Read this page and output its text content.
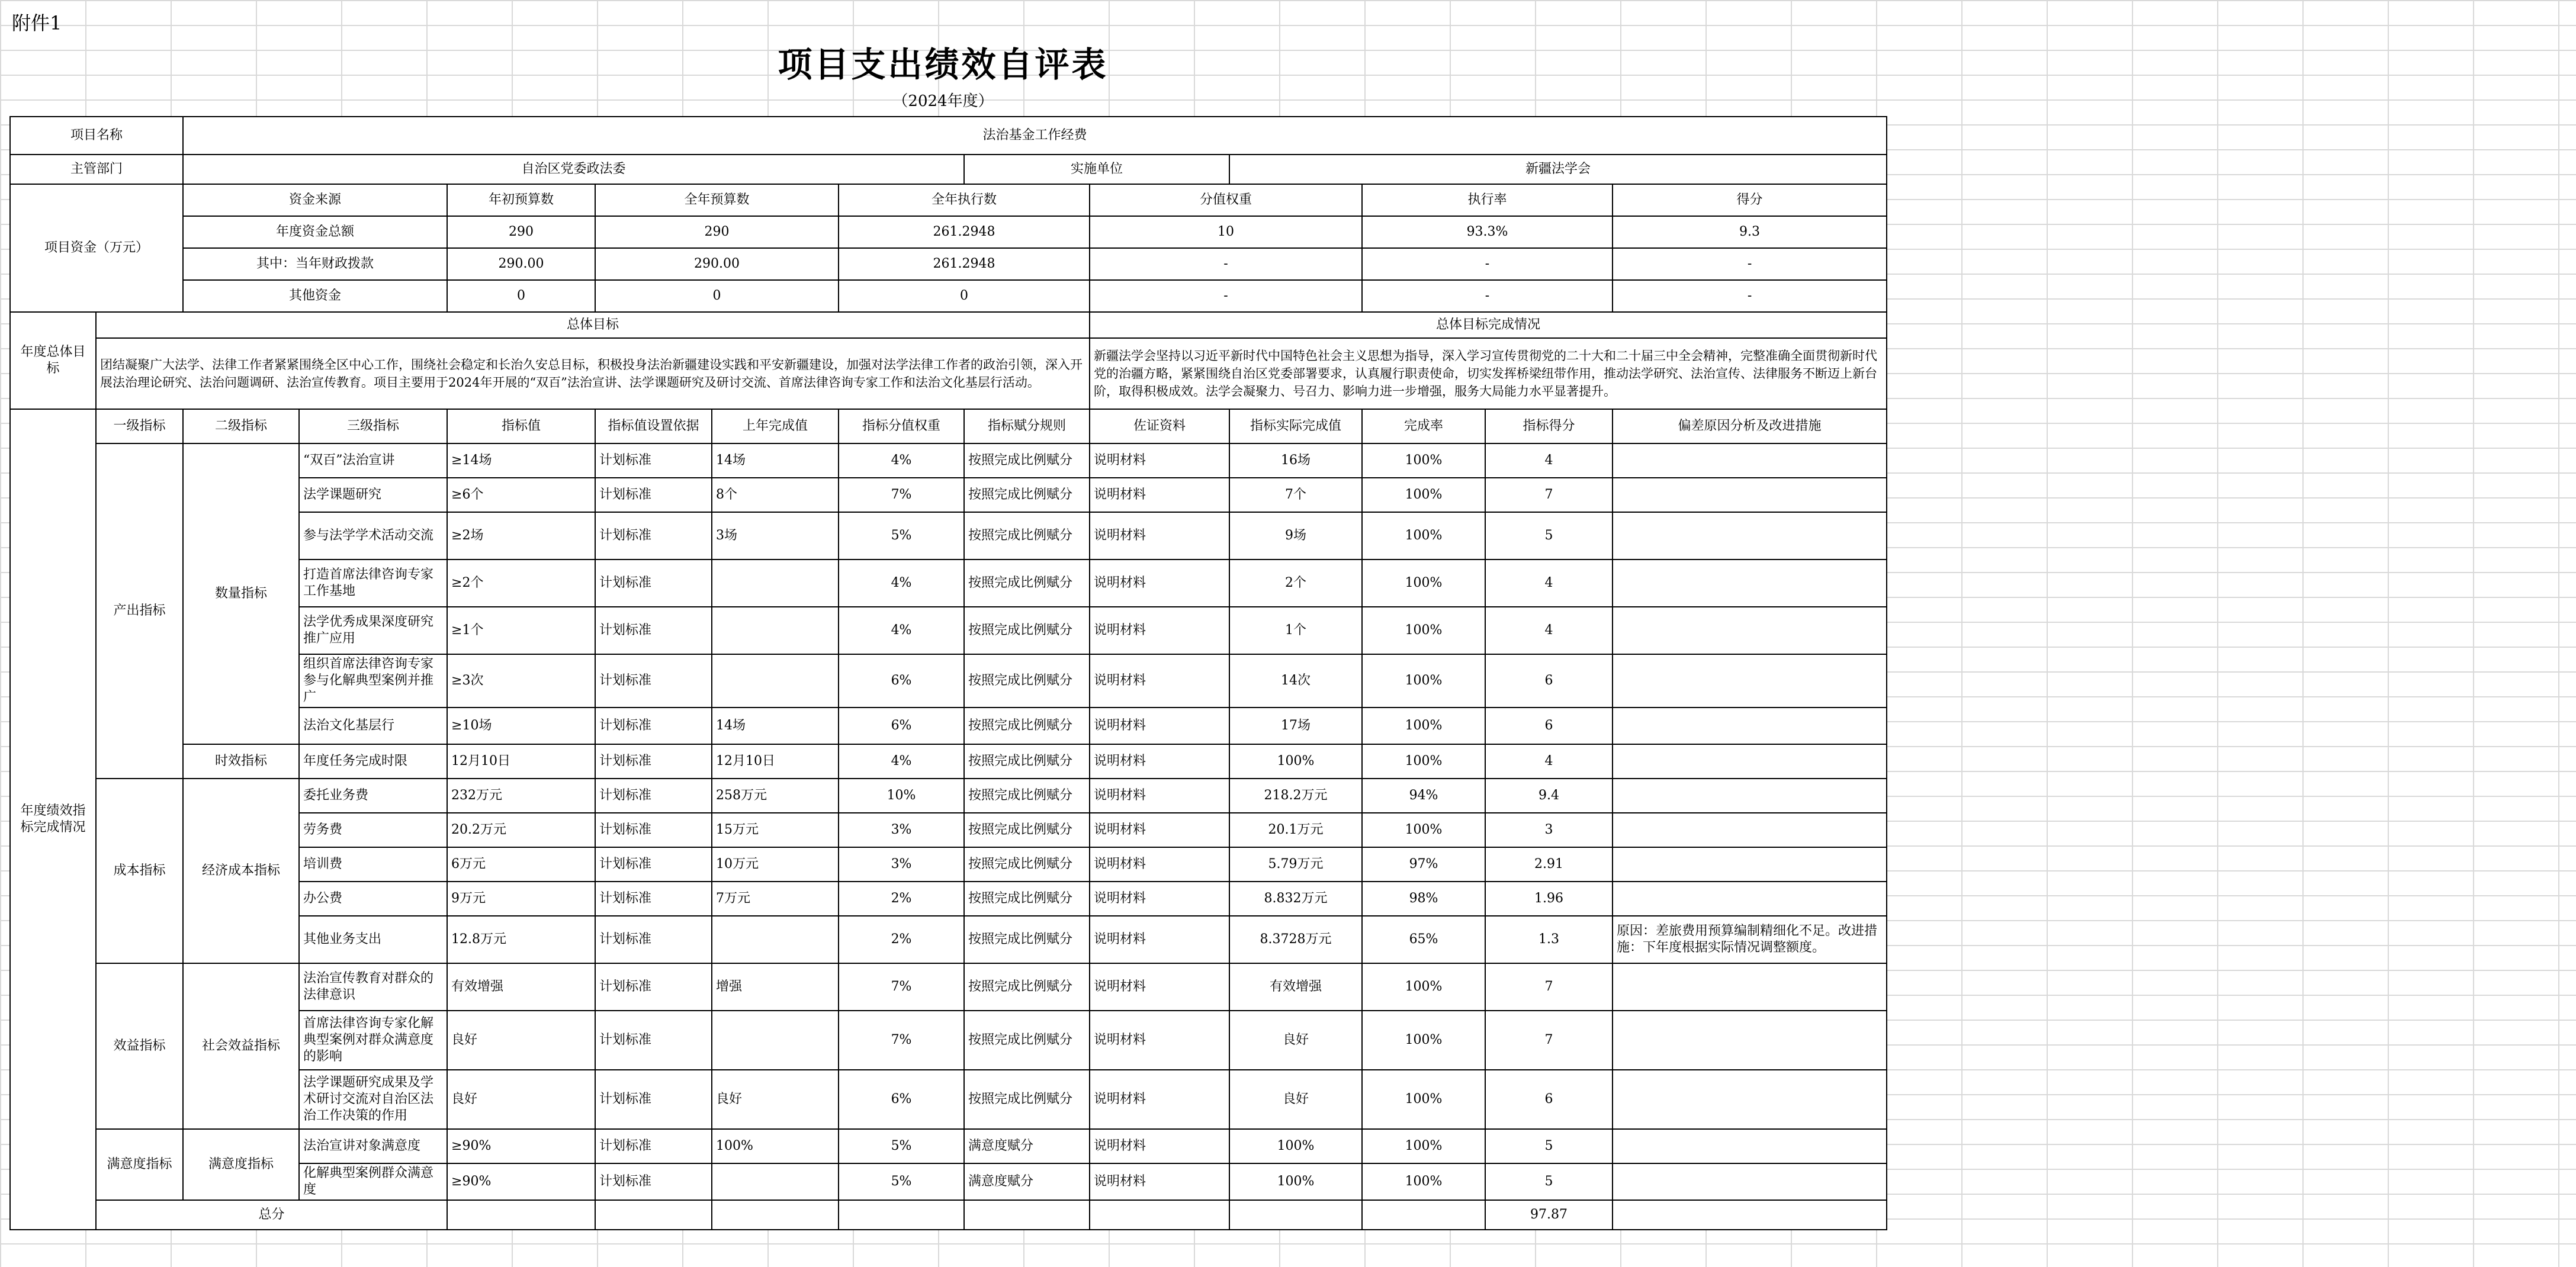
附件1
项目支出绩效自评表
（2024年度）
项目名称		法治基金工作经费											
主管部门		自治区党委政法委						实施单位		新疆法学会			
项目资金（万元）		资金来源		年初预算数	全年预算数		全年执行数		分值权重		执行率		得分
		年度资金总额		290	290		261.2948		10		93.3%		9.3
		其中：当年财政拨款		290.00	290.00		261.2948		-		-		-
		其他资金		0	0		0		-		-		-
年度总体目标	总体目标								总体目标完成情况				
	团结凝聚广大法学、法律工作者紧紧围绕全区中心工作，围绕社会稳定和长治久安总目标，积极投身法治新疆建设实践和平安新疆建设，加强对法学法律工作者的政治引领，深入开展法治理论研究、法治问题调研、法治宣传教育。项目主要用于2024年开展的“双百”法治宣讲、法学课题研究及研讨交流、首席法律咨询专家工作和法治文化基层行活动。								新疆法学会坚持以习近平新时代中国特色社会主义思想为指导，深入学习宣传贯彻党的二十大和二十届三中全会精神，完整准确全面贯彻新时代党的治疆方略，紧紧围绕自治区党委部署要求，认真履行职责使命，切实发挥桥梁纽带作用，推动法学研究、法治宣传、法律服务不断迈上新台阶，取得积极成效。法学会凝聚力、号召力、影响力进一步增强，服务大局能力水平显著提升。				
年度绩效指标完成情况	一级指标	二级指标	三级指标	指标值	指标值设置依据	上年完成值	指标分值权重	指标赋分规则	佐证资料	指标实际完成值	完成率	指标得分	偏差原因分析及改进措施
	产出指标	数量指标	“双百”法治宣讲	≥14场	计划标准	14场	4%	按照完成比例赋分	说明材料	16场	100%	4	
			法学课题研究	≥6个	计划标准	8个	7%	按照完成比例赋分	说明材料	7个	100%	7	
			参与法学学术活动交流	≥2场	计划标准	3场	5%	按照完成比例赋分	说明材料	9场	100%	5	
			打造首席法律咨询专家工作基地	≥2个	计划标准		4%	按照完成比例赋分	说明材料	2个	100%	4	
			法学优秀成果深度研究推广应用	≥1个	计划标准		4%	按照完成比例赋分	说明材料	1个	100%	4	
			组织首席法律咨询专家参与化解典型案例并推广	≥3次	计划标准		6%	按照完成比例赋分	说明材料	14次	100%	6	
			法治文化基层行	≥10场	计划标准	14场	6%	按照完成比例赋分	说明材料	17场	100%	6	
		时效指标	年度任务完成时限	12月10日	计划标准	12月10日	4%	按照完成比例赋分	说明材料	100%	100%	4	
	成本指标	经济成本指标	委托业务费	232万元	计划标准	258万元	10%	按照完成比例赋分	说明材料	218.2万元	94%	9.4	
			劳务费	20.2万元	计划标准	15万元	3%	按照完成比例赋分	说明材料	20.1万元	100%	3	
			培训费	6万元	计划标准	10万元	3%	按照完成比例赋分	说明材料	5.79万元	97%	2.91	
			办公费	9万元	计划标准	7万元	2%	按照完成比例赋分	说明材料	8.832万元	98%	1.96	
			其他业务支出	12.8万元	计划标准		2%	按照完成比例赋分	说明材料	8.3728万元	65%	1.3	原因：差旅费用预算编制精细化不足。改进措施：下年度根据实际情况调整额度。
	效益指标	社会效益指标	法治宣传教育对群众的法律意识	有效增强	计划标准	增强	7%	按照完成比例赋分	说明材料	有效增强	100%	7	
			首席法律咨询专家化解典型案例对群众满意度的影响	良好	计划标准		7%	按照完成比例赋分	说明材料	良好	100%	7	
			法学课题研究成果及学术研讨交流对自治区法治工作决策的作用	良好	计划标准	良好	6%	按照完成比例赋分	说明材料	良好	100%	6	
	满意度指标	满意度指标	法治宣讲对象满意度	≥90%	计划标准	100%	5%	满意度赋分	说明材料	100%	100%	5	
			化解典型案例群众满意度	≥90%	计划标准		5%	满意度赋分	说明材料	100%	100%	5	
	总分											97.87	
